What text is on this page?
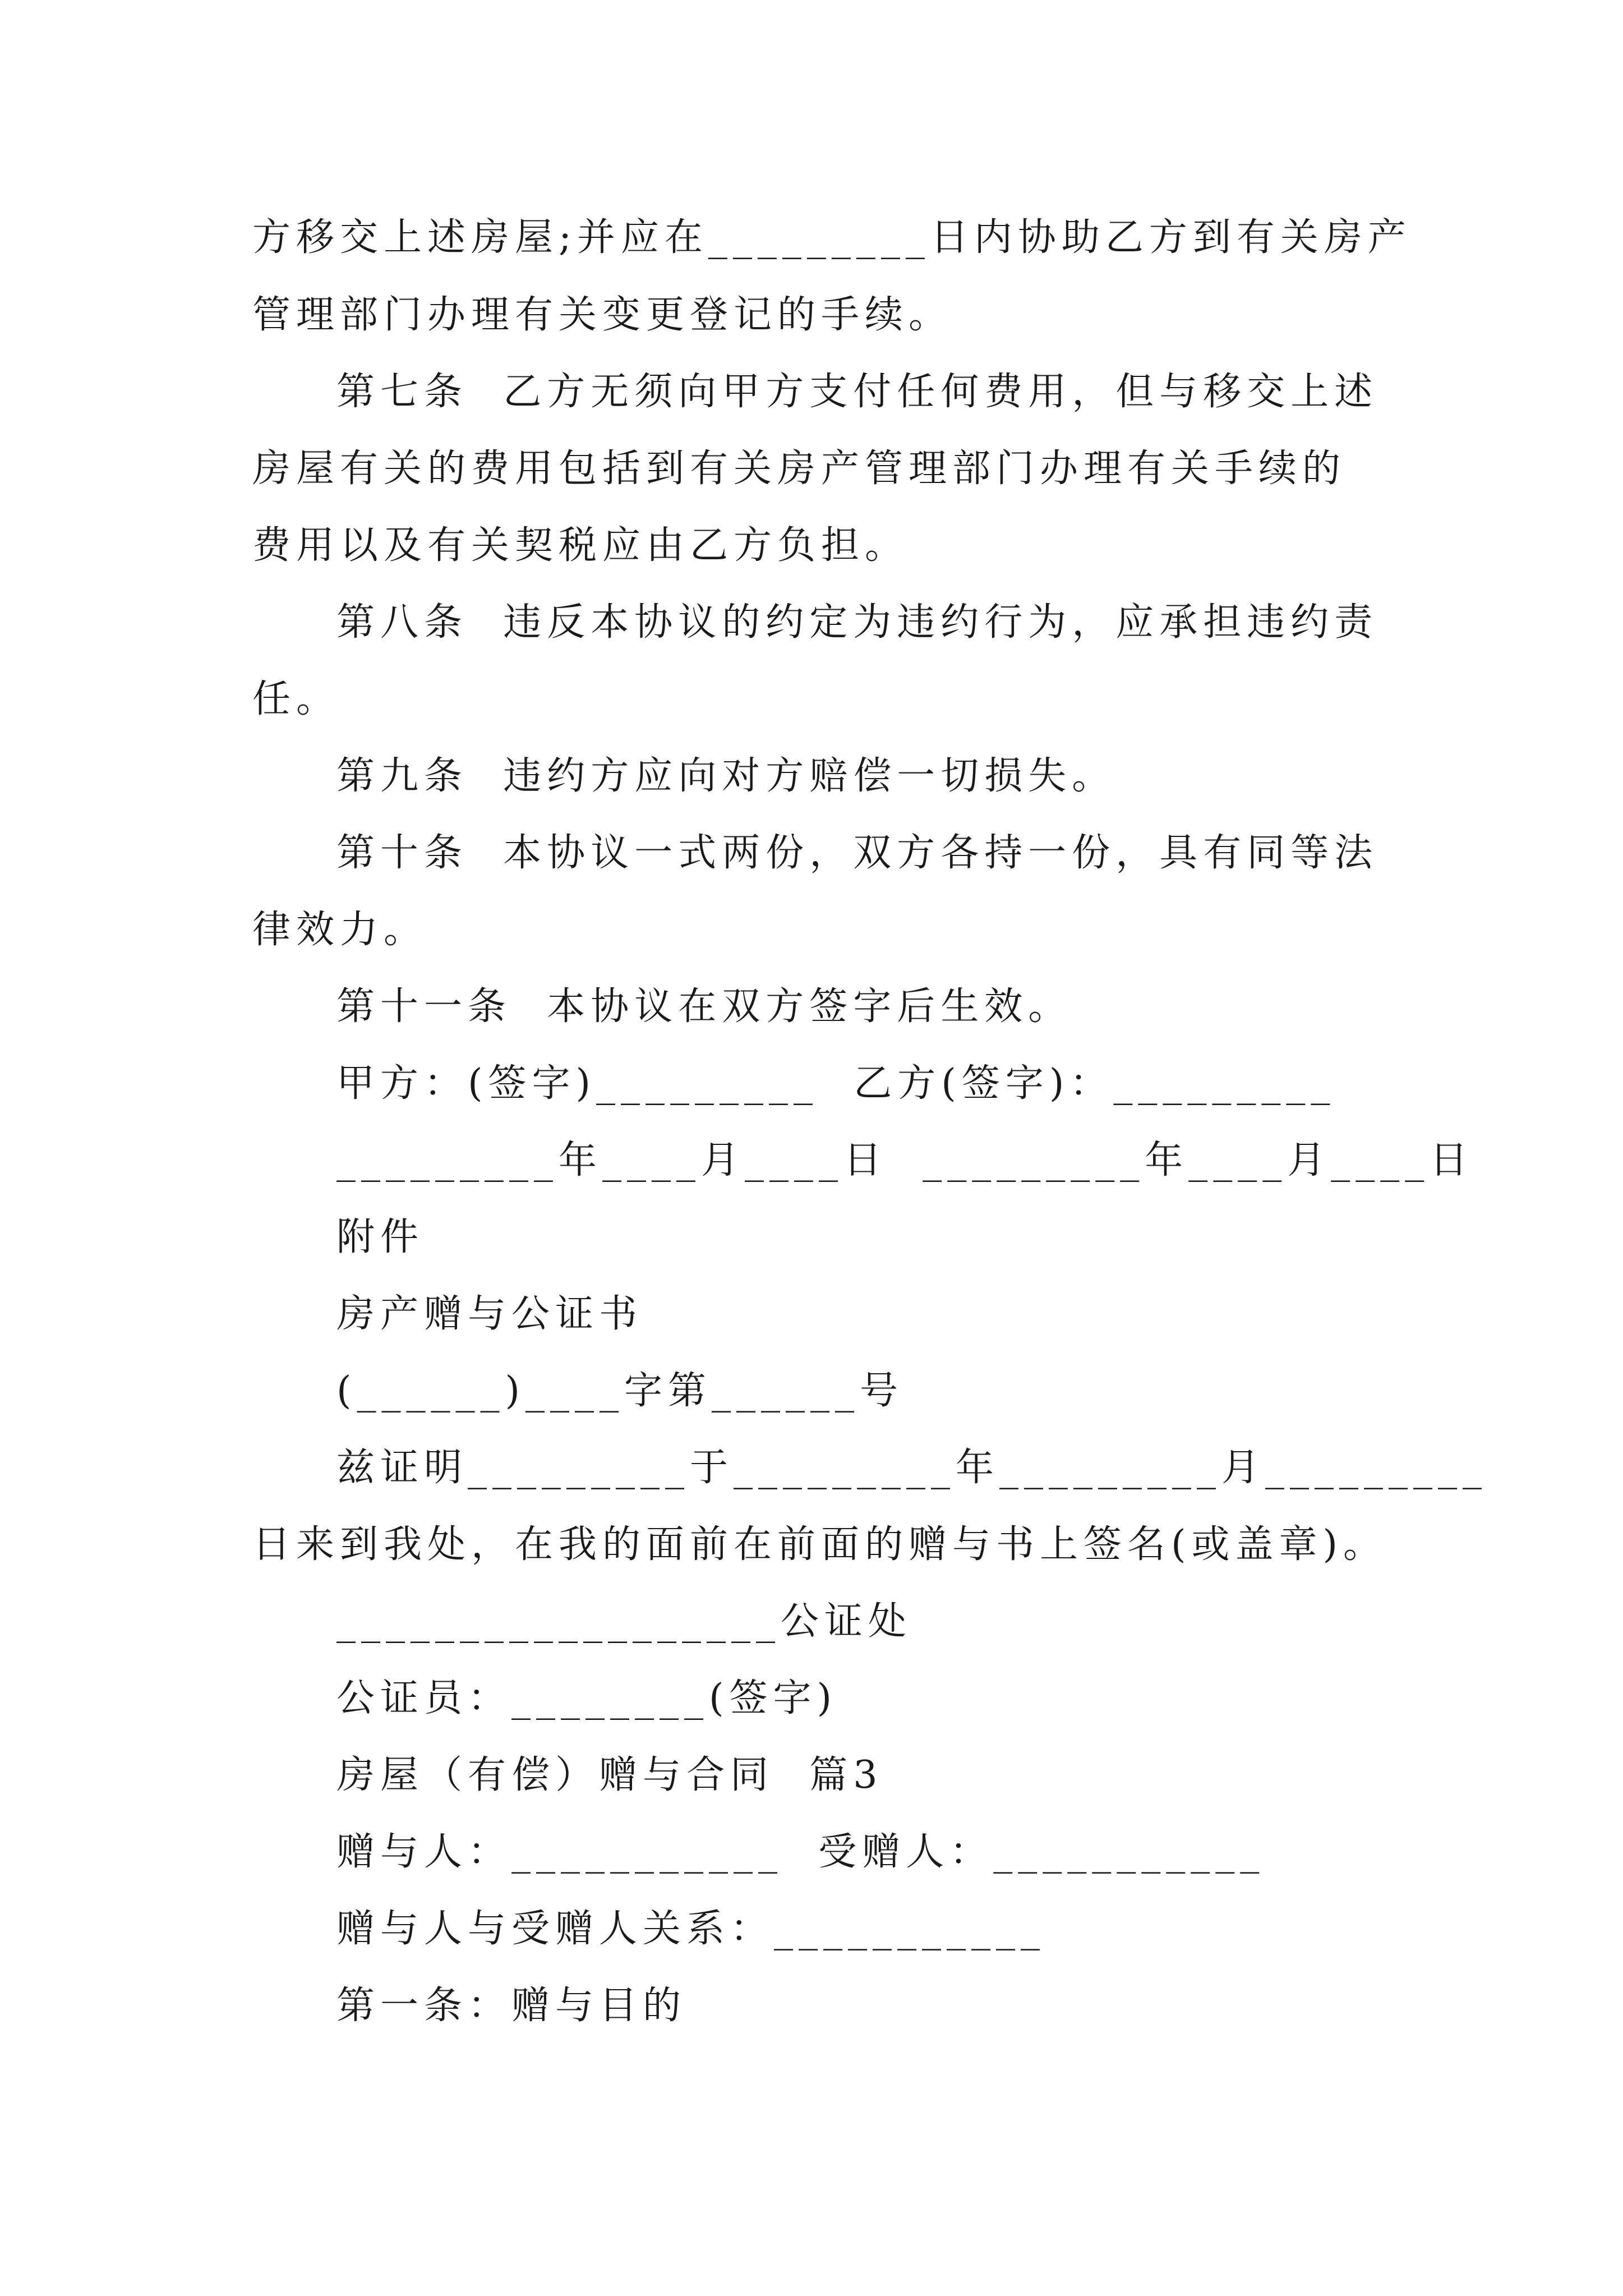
方移交上述房屋;并应在_________日内协助乙方到有关房产
管理部门办理有关变更登记的手续。
第七条  乙方无须向甲方支付任何费用，但与移交上述
房屋有关的费用包括到有关房产管理部门办理有关手续的
费用以及有关契税应由乙方负担。
第八条  违反本协议的约定为违约行为，应承担违约责
任。
第九条  违约方应向对方赔偿一切损失。
第十条  本协议一式两份，双方各持一份，具有同等法
律效力。
第十一条  本协议在双方签字后生效。
甲方：(签字)_________  乙方(签字)：_________
_________年____月____日  _________年____月____日
附件
房产赠与公证书
(______)____字第______号
兹证明_________于_________年_________月_________
日来到我处，在我的面前在前面的赠与书上签名(或盖章)。
__________________公证处
公证员：________(签字)
房屋（有偿）赠与合同  篇3
赠与人：___________  受赠人：___________
赠与人与受赠人关系：___________
第一条：赠与目的
